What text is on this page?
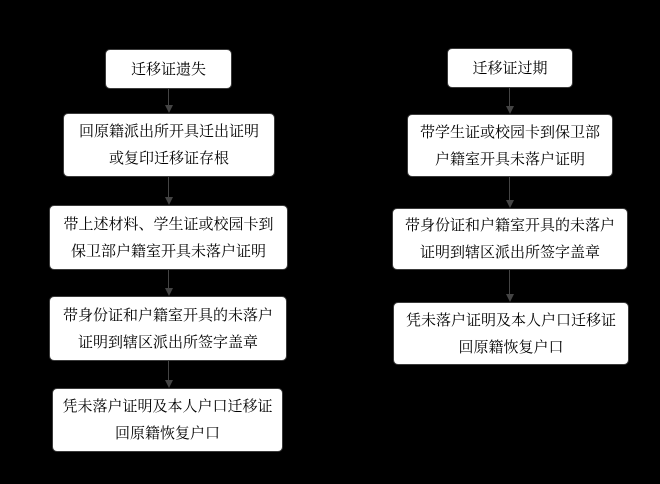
迁移证遗失
回原籍派出所开具迁出证明
或复印迁移证存根
带上述材料、学生证或校园卡到
保卫部户籍室开具未落户证明
带身份证和户籍室开具的未落户
证明到辖区派出所签字盖章
凭未落户证明及本人户口迁移证
回原籍恢复户口
迁移证过期
带学生证或校园卡到保卫部
户籍室开具未落户证明
带身份证和户籍室开具的未落户
证明到辖区派出所签字盖章
凭未落户证明及本人户口迁移证
回原籍恢复户口
